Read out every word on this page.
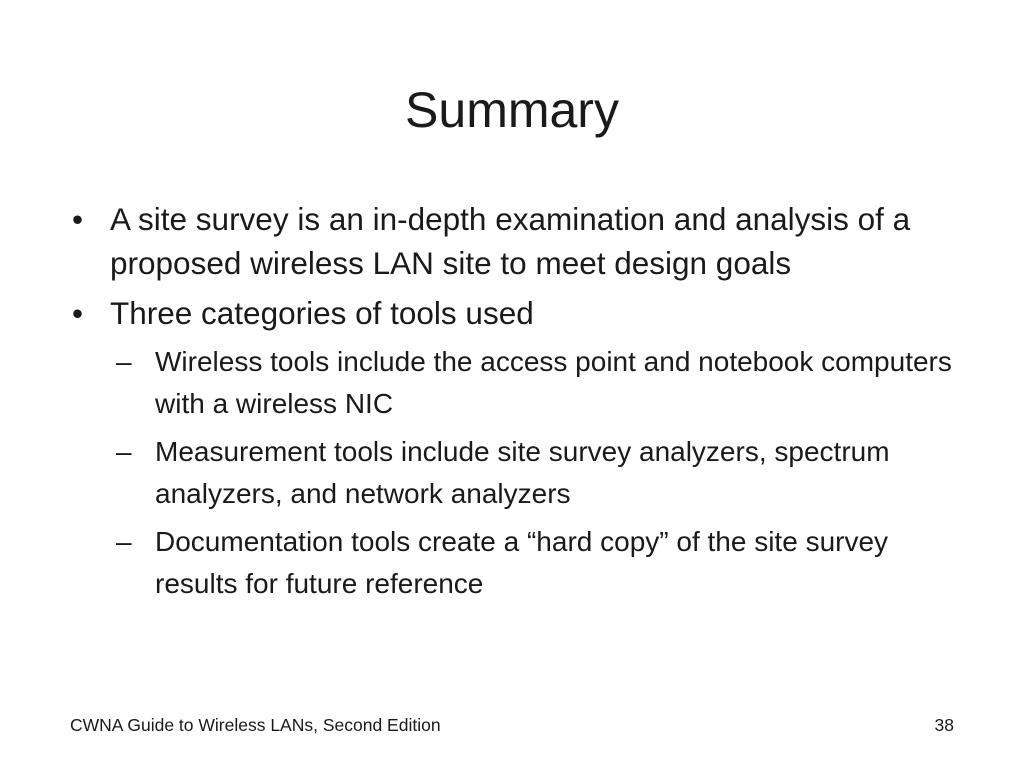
Summary
• A site survey is an in-depth examination and analysis of a proposed wireless LAN site to meet design goals
• Three categories of tools used
– Wireless tools include the access point and notebook computers with a wireless NIC
– Measurement tools include site survey analyzers, spectrum analyzers, and network analyzers
– Documentation tools create a “hard copy” of the site survey results for future reference
CWNA Guide to Wireless LANs, Second Edition	38
